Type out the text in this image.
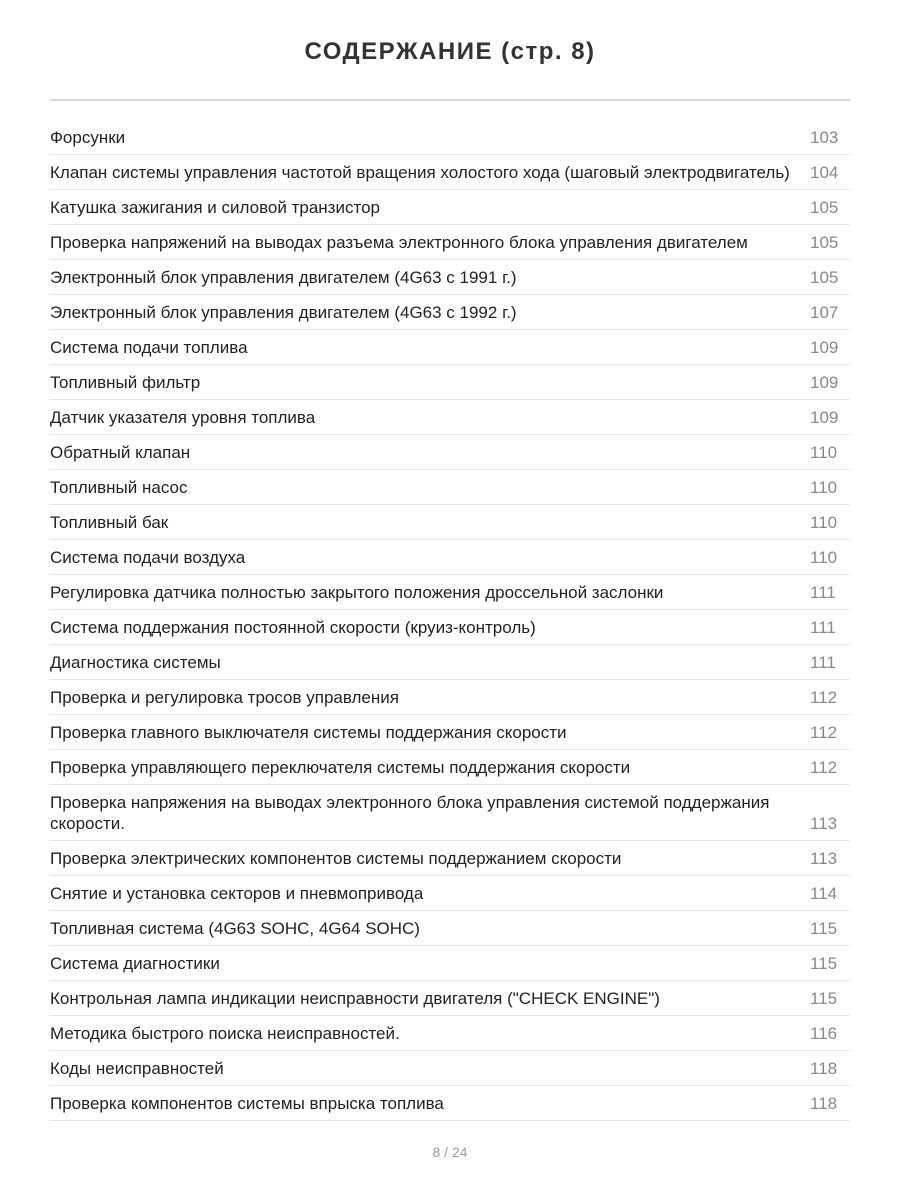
СОДЕРЖАНИЕ (стр. 8)
Форсунки	103
Клапан системы управления частотой вращения холостого хода (шаговый электродвигатель)	104
Катушка зажигания и силовой транзистор	105
Проверка напряжений на выводах разъема электронного блока управления двигателем	105
Электронный блок управления двигателем (4G63 с 1991 г.)	105
Электронный блок управления двигателем (4G63 с 1992 г.)	107
Система подачи топлива	109
Топливный фильтр	109
Датчик указателя уровня топлива	109
Обратный клапан	110
Топливный насос	110
Топливный бак	110
Система подачи воздуха	110
Регулировка датчика полностью закрытого положения дроссельной заслонки	111
Система поддержания постоянной скорости (круиз-контроль)	111
Диагностика системы	111
Проверка и регулировка тросов управления	112
Проверка главного выключателя системы поддержания скорости	112
Проверка управляющего переключателя системы поддержания скорости	112
Проверка напряжения на выводах электронного блока управления системой поддержания скорости.	113
Проверка электрических компонентов системы поддержанием скорости	113
Снятие и установка секторов и пневмопривода	114
Топливная система (4G63 SOHC, 4G64 SOHC)	115
Система диагностики	115
Контрольная лампа индикации неисправности двигателя ("CHECK ENGINE")	115
Методика быстрого поиска неисправностей.	116
Коды неисправностей	118
Проверка компонентов системы впрыска топлива	118
8 / 24
